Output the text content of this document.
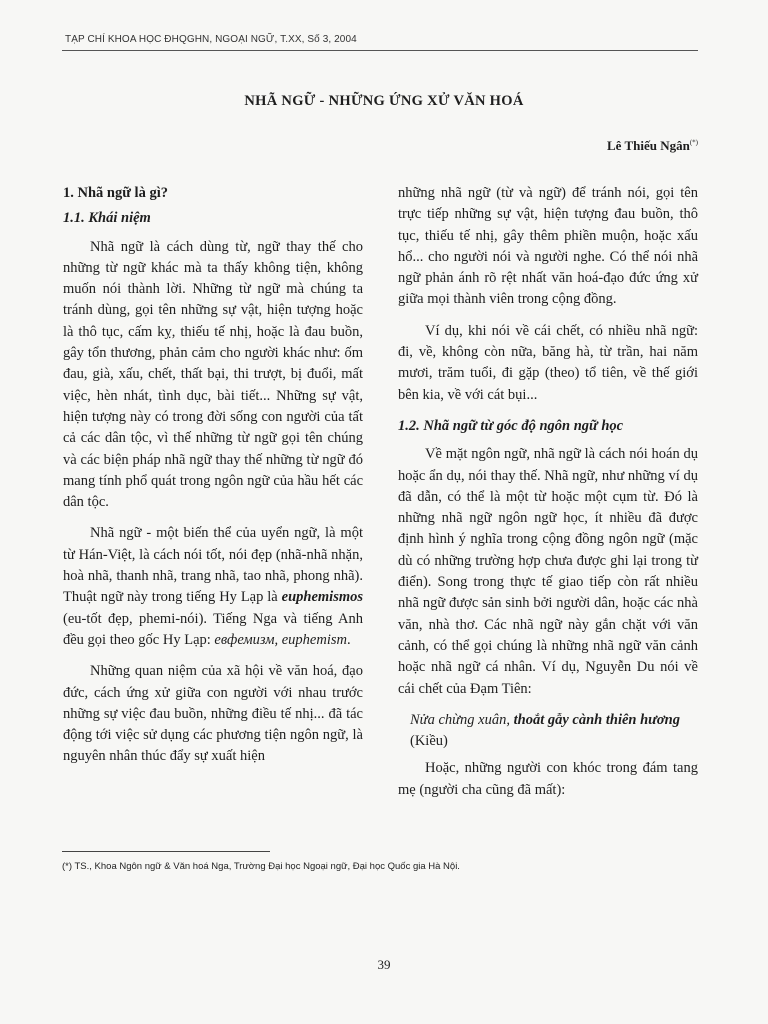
TẠP CHÍ KHOA HỌC ĐHQGHN, NGOẠI NGỮ, T.XX, Số 3, 2004
NHÃ NGỮ - NHỮNG ỨNG XỬ VĂN HOÁ
Lê Thiếu Ngân(*)
1. Nhã ngữ là gì?
1.1. Khái niệm

Nhã ngữ là cách dùng từ, ngữ thay thế cho những từ ngữ khác mà ta thấy không tiện, không muốn nói thành lời. Những từ ngữ mà chúng ta tránh dùng, gọi tên những sự vật, hiện tượng hoặc là thô tục, cấm kỵ, thiếu tế nhị, hoặc là đau buồn, gây tổn thương, phản cảm cho người khác như: ốm đau, già, xấu, chết, thất bại, thi trượt, bị đuổi, mất việc, hèn nhát, tình dục, bài tiết... Những sự vật, hiện tượng này có trong đời sống con người của tất cả các dân tộc, vì thế những từ ngữ gọi tên chúng và các biện pháp nhã ngữ thay thế những từ ngữ đó mang tính phổ quát trong ngôn ngữ của hầu hết các dân tộc.

Nhã ngữ - một biến thể của uyển ngữ, là một từ Hán-Việt, là cách nói tốt, nói đẹp (nhã-nhã nhặn, hoà nhã, thanh nhã, trang nhã, tao nhã, phong nhã). Thuật ngữ này trong tiếng Hy Lạp là euphemismos (eu-tốt đẹp, phemi-nói). Tiếng Nga và tiếng Anh đều gọi theo gốc Hy Lạp: eвфемизм, euphemism.

Những quan niệm của xã hội về văn hoá, đạo đức, cách ứng xử giữa con người với nhau trước những sự việc đau buồn, những điều tế nhị... đã tác động tới việc sử dụng các phương tiện ngôn ngữ, là nguyên nhân thúc đẩy sự xuất hiện

những nhã ngữ (từ và ngữ) để tránh nói, gọi tên trực tiếp những sự vật, hiện tượng đau buồn, thô tục, thiếu tế nhị, gây thêm phiền muộn, hoặc xấu hổ... cho người nói và người nghe. Có thể nói nhã ngữ phản ánh rõ rệt nhất văn hoá-đạo đức ứng xử giữa mọi thành viên trong cộng đồng.

Ví dụ, khi nói về cái chết, có nhiều nhã ngữ: đi, về, không còn nữa, băng hà, từ trần, hai năm mươi, trăm tuổi, đi gặp (theo) tổ tiên, về thế giới bên kia, về với cát bụi...

1.2. Nhã ngữ từ góc độ ngôn ngữ học

Về mặt ngôn ngữ, nhã ngữ là cách nói hoán dụ hoặc ẩn dụ, nói thay thế. Nhã ngữ, như những ví dụ đã dẫn, có thể là một từ hoặc một cụm từ. Đó là những nhã ngữ ngôn ngữ học, ít nhiều đã được định hình ý nghĩa trong cộng đồng ngôn ngữ (mặc dù có những trường hợp chưa được ghi lại trong từ điển). Song trong thực tế giao tiếp còn rất nhiều nhã ngữ được sản sinh bởi người dân, hoặc các nhà văn, nhà thơ. Các nhã ngữ này gắn chặt với văn cảnh, có thể gọi chúng là những nhã ngữ văn cảnh hoặc nhã ngữ cá nhân. Ví dụ, Nguyễn Du nói về cái chết của Đạm Tiên:

Nửa chừng xuân, thoắt gẫy cành thiên hương (Kiều)

Hoặc, những người con khóc trong đám tang mẹ (người cha cũng đã mất):

(*) TS., Khoa Ngôn ngữ & Văn hoá Nga, Trường Đại học Ngoại ngữ, Đại học Quốc gia Hà Nội.
39
